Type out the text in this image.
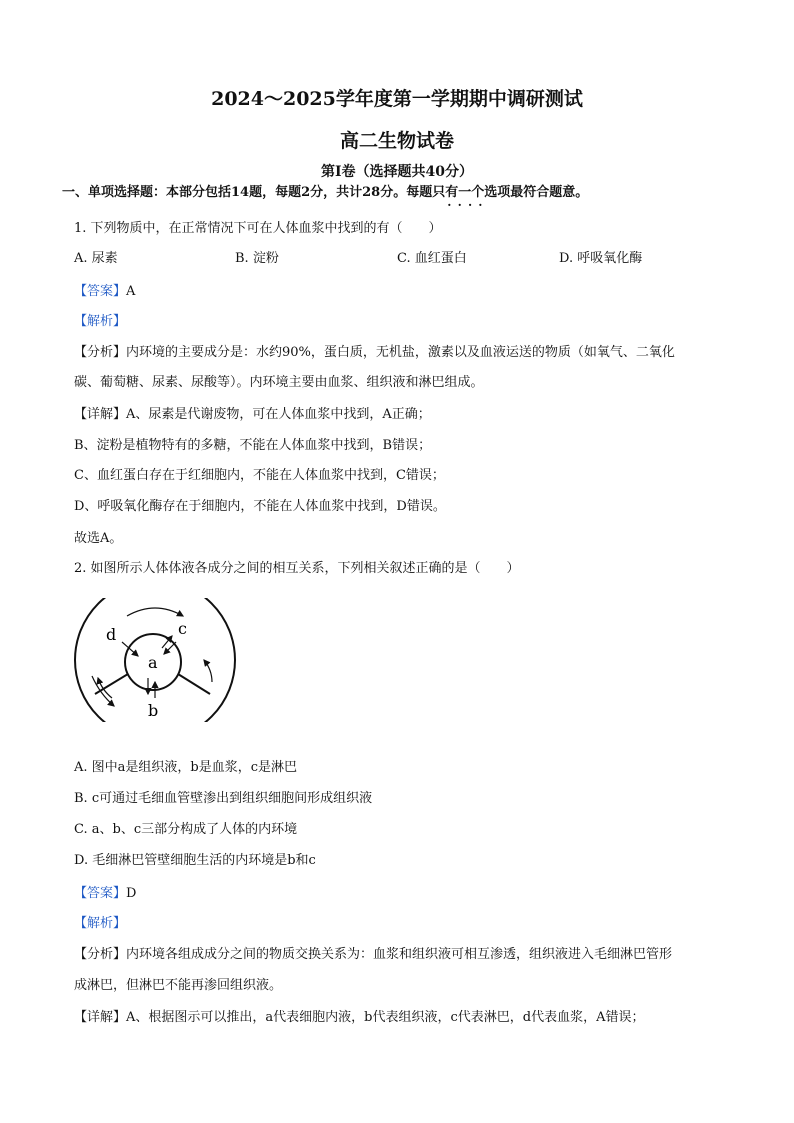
2024～2025学年度第一学期期中调研测试
高二生物试卷
第Ⅰ卷（选择题共40分）
一、单项选择题：本部分包括14题，每题2分，共计28分。每题只有一个选项 · · · ·最符合题意。
1. 下列物质中，在正常情况下可在人体血浆中找到的有（　　）
A. 尿素	B. 淀粉	C. 血红蛋白	D. 呼吸氧化酶
【答案】A
【解析】
【分析】内环境的主要成分是：水约90%，蛋白质，无机盐，激素以及血液运送的物质（如氧气、二氧化
碳、葡萄糖、尿素、尿酸等）。内环境主要由血浆、组织液和淋巴组成。
【详解】A、尿素是代谢废物，可在人体血浆中找到，A正确；
B、淀粉是植物特有的多糖，不能在人体血浆中找到，B错误；
C、血红蛋白存在于红细胞内，不能在人体血浆中找到，C错误；
D、呼吸氧化酶存在于细胞内，不能在人体血浆中找到，D错误。
故选A。
2. 如图所示人体体液各成分之间的相互关系，下列相关叙述正确的是（　　）
d	c
a
b
A. 图中a是组织液，b是血浆，c是淋巴
B. c可通过毛细血管壁渗出到组织细胞间形成组织液
C. a、b、c三部分构成了人体的内环境
D. 毛细淋巴管壁细胞生活的内环境是b和c
【答案】D
【解析】
【分析】内环境各组成成分之间的物质交换关系为：血浆和组织液可相互渗透，组织液进入毛细淋巴管形
成淋巴，但淋巴不能再渗回组织液。
【详解】A、根据图示可以推出，a代表细胞内液，b代表组织液，c代表淋巴，d代表血浆，A错误；
